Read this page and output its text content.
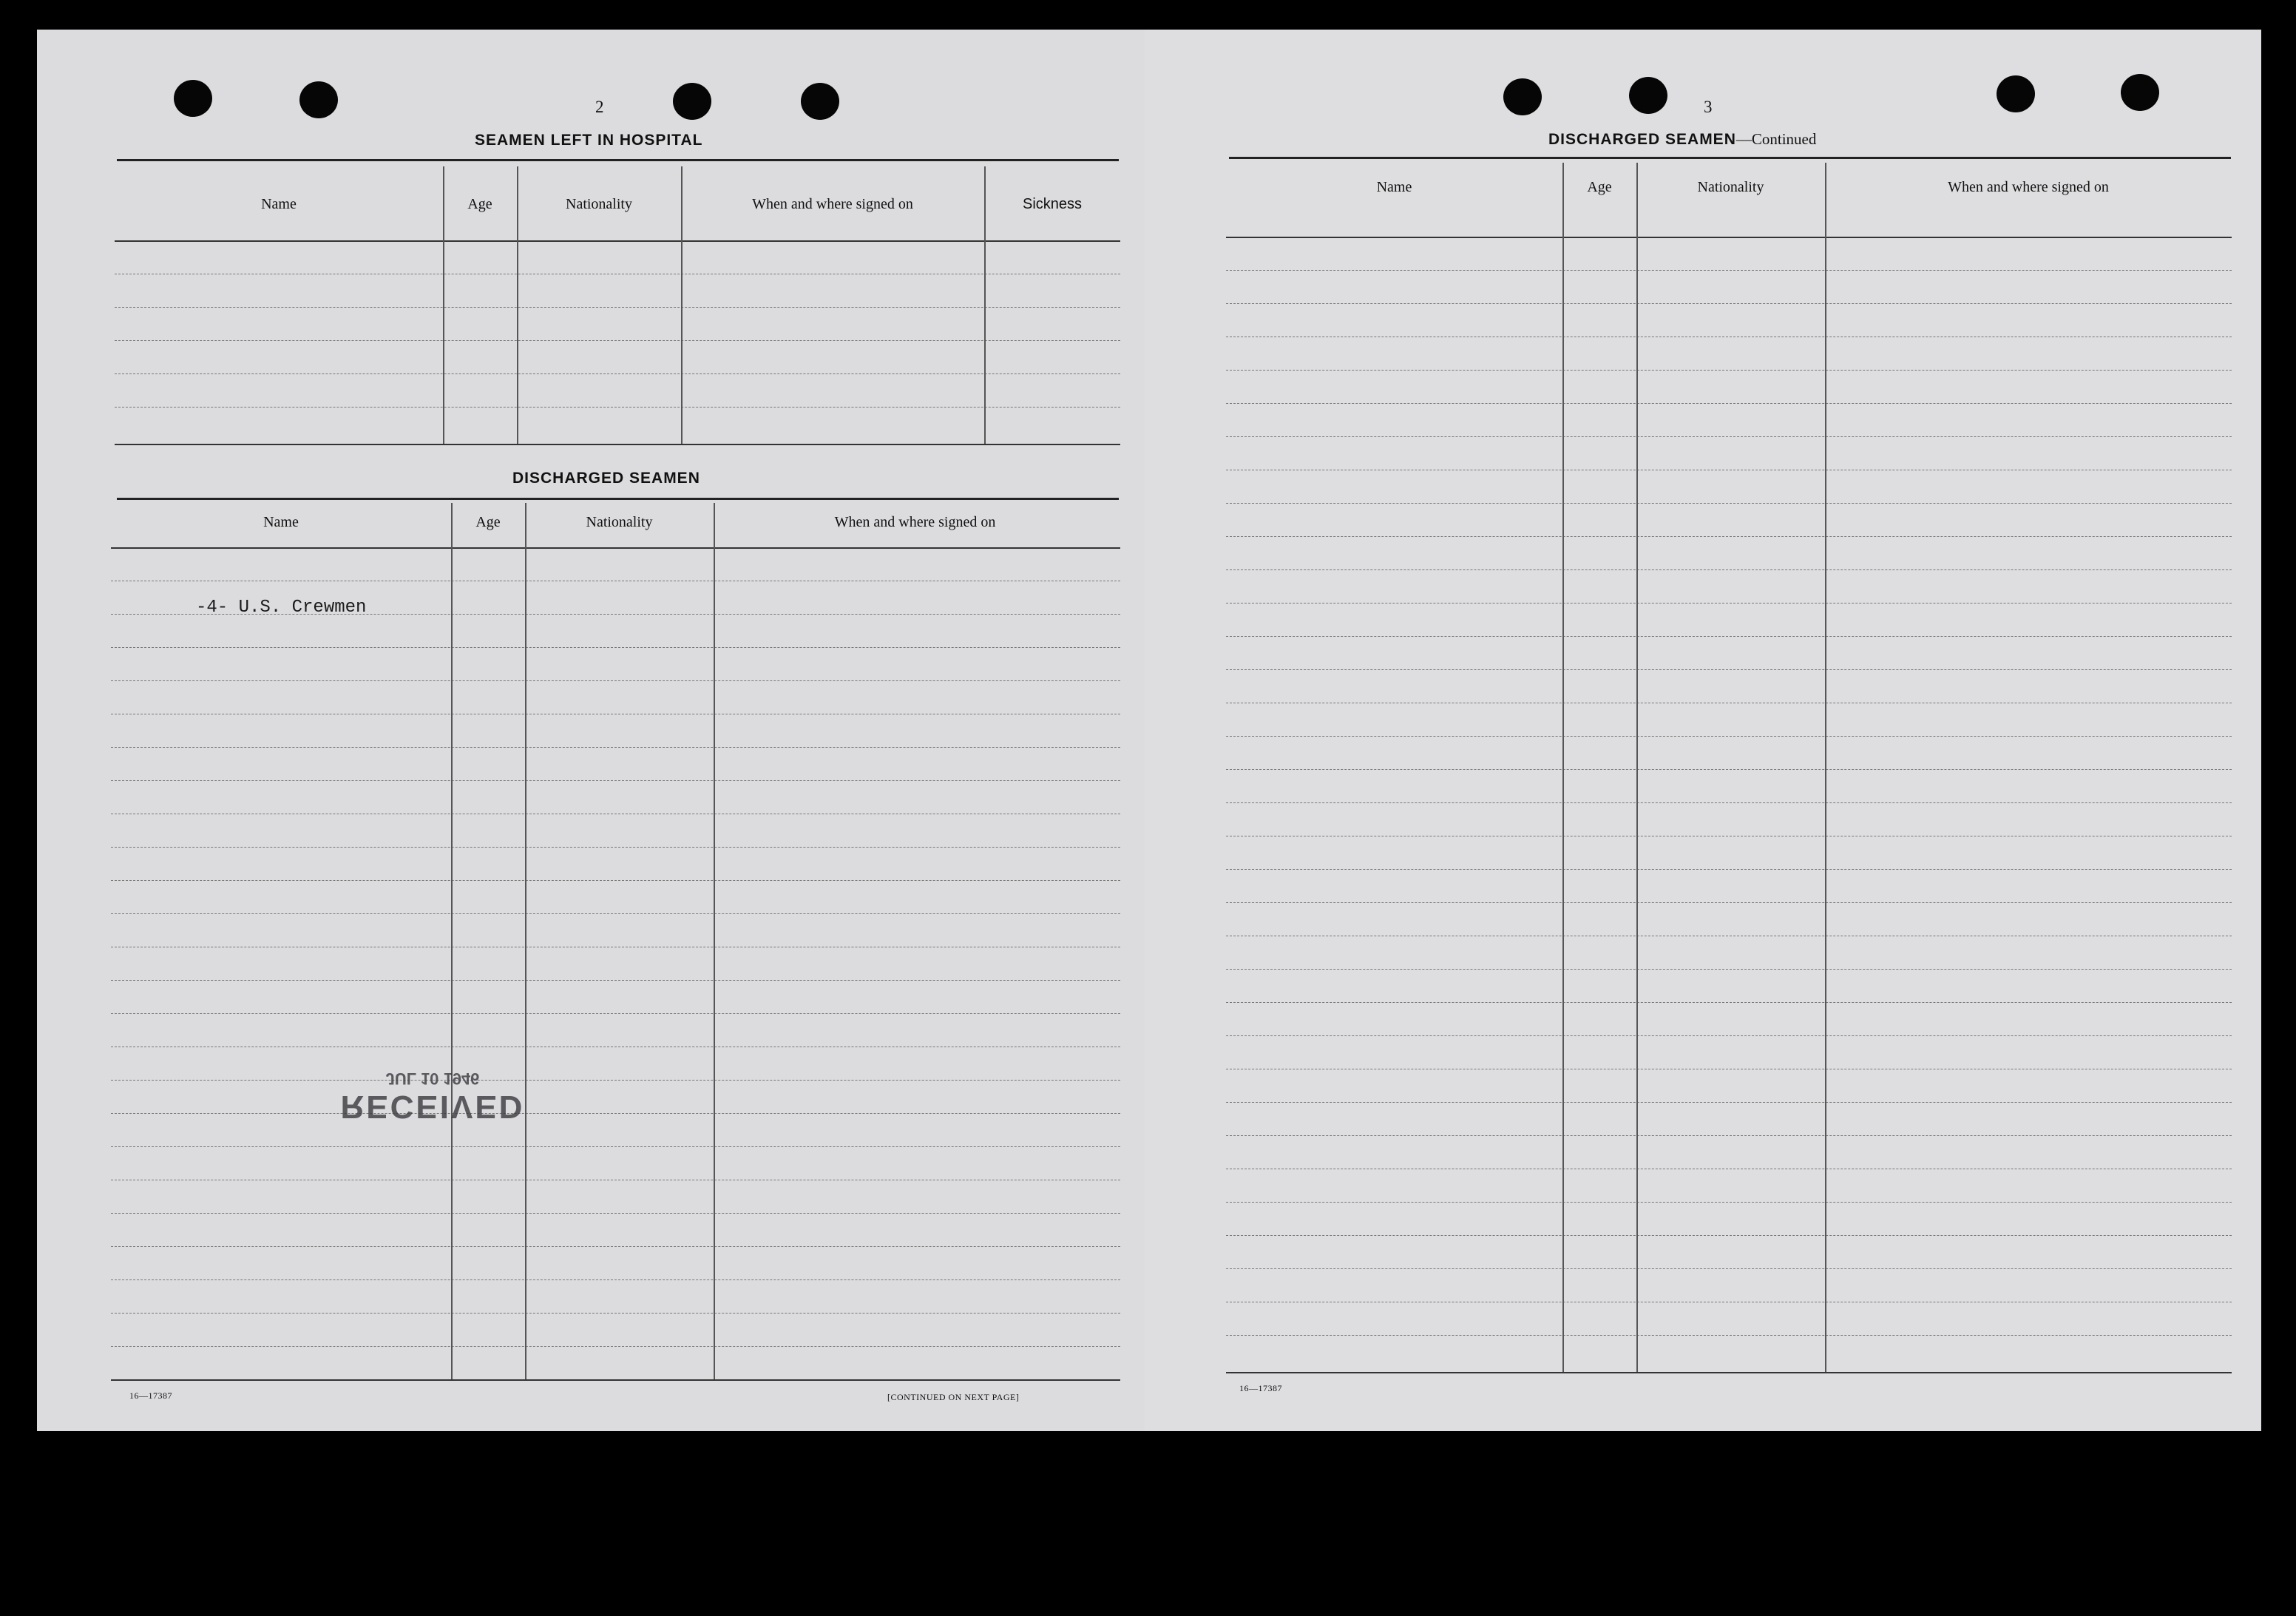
2
SEAMEN LEFT IN HOSPITAL
Name	Age	Nationality	When and where signed on	Sickness
DISCHARGED SEAMEN
Name	Age	Nationality	When and where signed on
-4- U.S. Crewmen
RECEIVED
JUL 10 1946
16—17387	[CONTINUED ON NEXT PAGE]
3
DISCHARGED SEAMEN—Continued
Name	Age	Nationality	When and where signed on
16—17387
